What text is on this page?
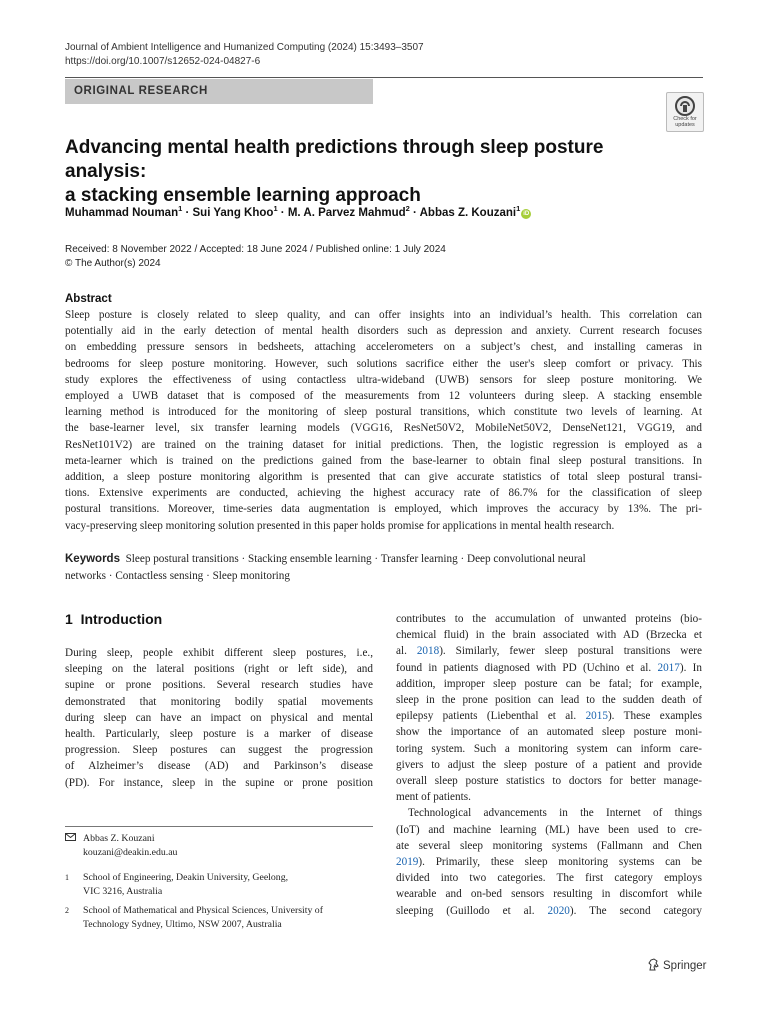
Journal of Ambient Intelligence and Humanized Computing (2024) 15:3493–3507
https://doi.org/10.1007/s12652-024-04827-6
ORIGINAL RESEARCH
Check for
updates
Advancing mental health predictions through sleep posture analysis:
a stacking ensemble learning approach
Muhammad Nouman$^1$ · Sui Yang Khoo$^1$ · M. A. Parvez Mahmud$^2$ · Abbas Z. Kouzani$^1$iD
Received: 8 November 2022 / Accepted: 18 June 2024 / Published online: 1 July 2024
© The Author(s) 2024
Abstract
Sleep posture is closely related to sleep quality, and can offer insights into an individual’s health. This correlation can
potentially aid in the early detection of mental health disorders such as depression and anxiety. Current research focuses
on embedding pressure sensors in bedsheets, attaching accelerometers on a subject’s chest, and installing cameras in
bedrooms for sleep posture monitoring. However, such solutions sacrifice either the user's sleep comfort or privacy. This
study explores the effectiveness of using contactless ultra-wideband (UWB) sensors for sleep posture monitoring. We
employed a UWB dataset that is composed of the measurements from 12 volunteers during sleep. A stacking ensemble
learning method is introduced for the monitoring of sleep postural transitions, which constitute two levels of learning. At
the base-learner level, six transfer learning models (VGG16, ResNet50V2, MobileNet50V2, DenseNet121, VGG19, and
ResNet101V2) are trained on the training dataset for initial predictions. Then, the logistic regression is employed as a
meta-learner which is trained on the predictions gained from the base-learner to obtain final sleep postural transitions. In
addition, a sleep posture monitoring algorithm is presented that can give accurate statistics of total sleep postural transi-
tions. Extensive experiments are conducted, achieving the highest accuracy rate of 86.7% for the classification of sleep
postural transitions. Moreover, time-series data augmentation is employed, which improves the accuracy by 13%. The pri-
vacy-preserving sleep monitoring solution presented in this paper holds promise for applications in mental health research.
Keywords Sleep postural transitions · Stacking ensemble learning · Transfer learning · Deep convolutional neural
networks · Contactless sensing · Sleep monitoring
1 Introduction
During sleep, people exhibit different sleep postures, i.e.,
sleeping on the lateral positions (right or left side), and
supine or prone positions. Several research studies have
demonstrated that monitoring bodily spatial movements
during sleep can have an impact on physical and mental
health. Particularly, sleep posture is a marker of disease
progression. Sleep postures can suggest the progression
of Alzheimer’s disease (AD) and Parkinson’s disease
(PD). For instance, sleep in the supine or prone position
contributes to the accumulation of unwanted proteins (bio-
chemical fluid) in the brain associated with AD (Brzecka et
al. 2018). Similarly, fewer sleep postural transitions were
found in patients diagnosed with PD (Uchino et al. 2017). In
addition, improper sleep posture can be fatal; for example,
sleep in the prone position can lead to the sudden death of
epilepsy patients (Liebenthal et al. 2015). These examples
show the importance of an automated sleep posture moni-
toring system. Such a monitoring system can inform care-
givers to adjust the sleep posture of a patient and provide
overall sleep posture statistics to doctors for better manage-
ment of patients.
Technological advancements in the Internet of things
(IoT) and machine learning (ML) have been used to cre-
ate several sleep monitoring systems (Fallmann and Chen
2019). Primarily, these sleep monitoring systems can be
divided into two categories. The first category employs
wearable and on-bed sensors resulting in discomfort while
sleeping (Guillodo et al. 2020). The second category
Abbas Z. Kouzani
kouzani@deakin.edu.au
1	School of Engineering, Deakin University, Geelong,
VIC 3216, Australia
2	School of Mathematical and Physical Sciences, University of
Technology Sydney, Ultimo, NSW 2007, Australia
Springer
